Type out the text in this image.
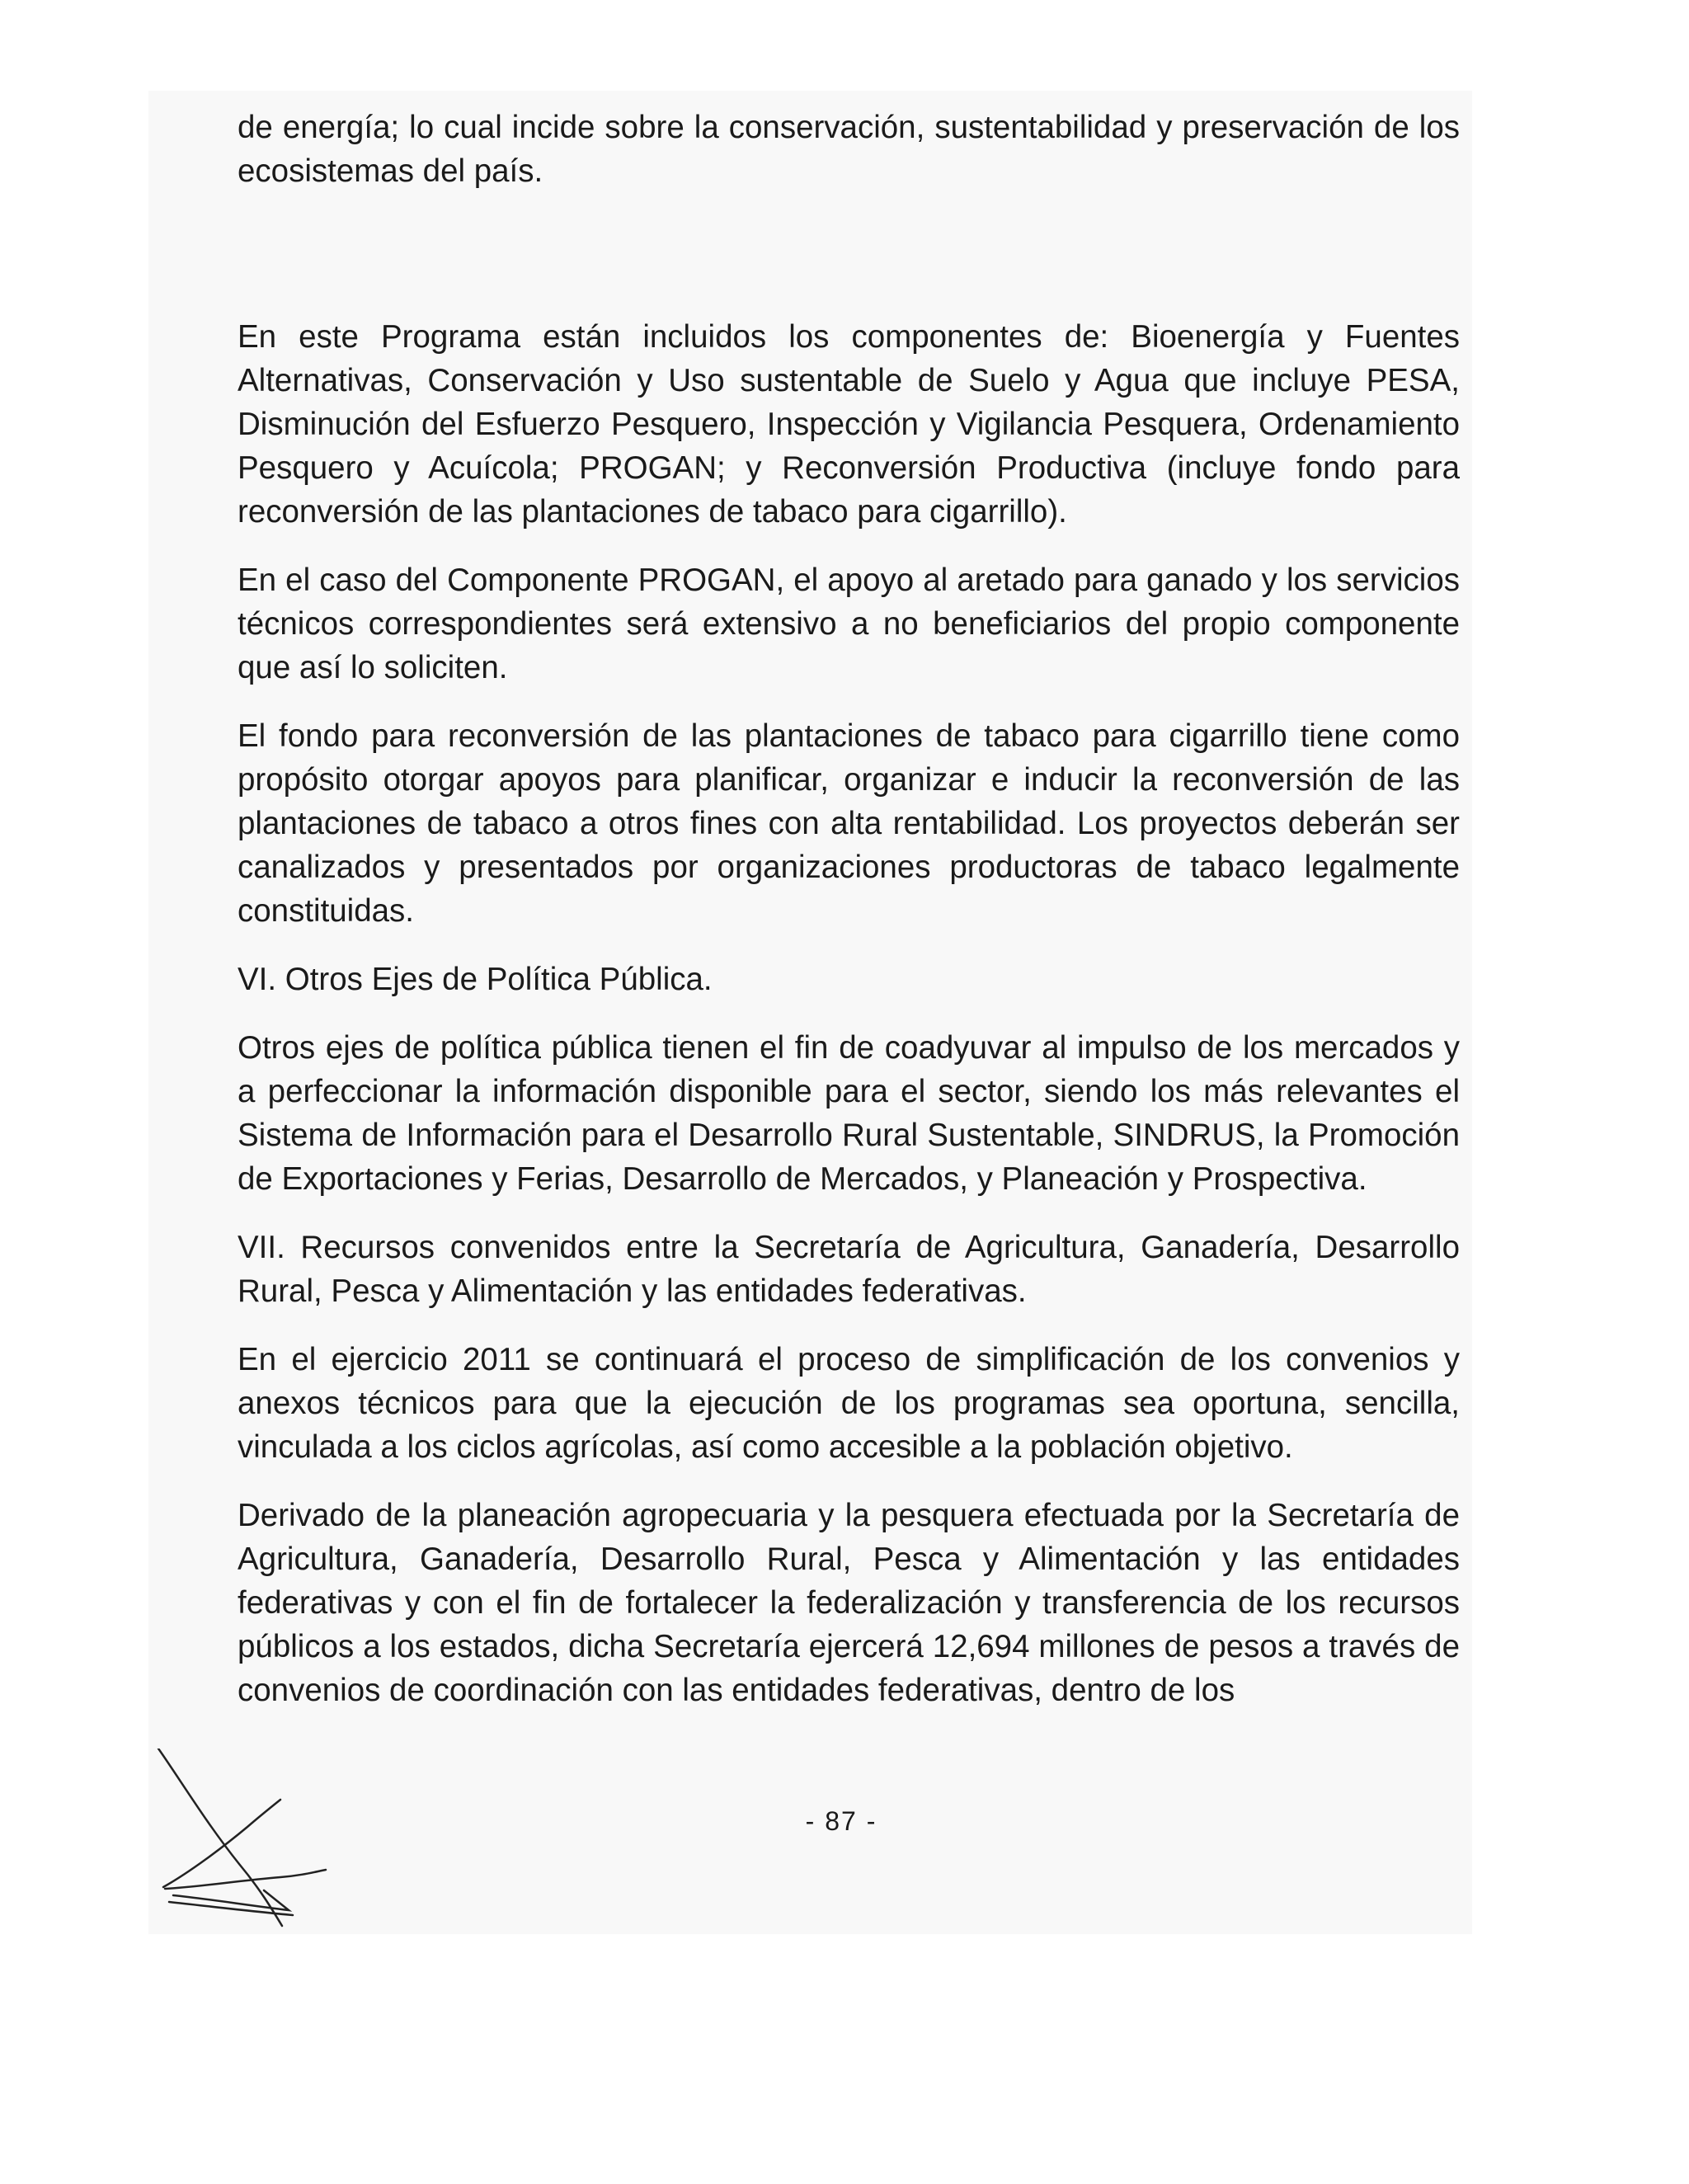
de energía; lo cual incide sobre la conservación, sustentabilidad y preservación de los ecosistemas del país.

En este Programa están incluidos los componentes de: Bioenergía y Fuentes Alternativas, Conservación y Uso sustentable de Suelo y Agua que incluye PESA, Disminución del Esfuerzo Pesquero, Inspección y Vigilancia Pesquera, Ordenamiento Pesquero y Acuícola; PROGAN; y Reconversión Productiva (incluye fondo para reconversión de las plantaciones de tabaco para cigarrillo).

En el caso del Componente PROGAN, el apoyo al aretado para ganado y los servicios técnicos correspondientes será extensivo a no beneficiarios del propio componente que así lo soliciten.

El fondo para reconversión de las plantaciones de tabaco para cigarrillo tiene como propósito otorgar apoyos para planificar, organizar e inducir la reconversión de las plantaciones de tabaco a otros fines con alta rentabilidad. Los proyectos deberán ser canalizados y presentados por organizaciones productoras de tabaco legalmente constituidas.

VI. Otros Ejes de Política Pública.

Otros ejes de política pública tienen el fin de coadyuvar al impulso de los mercados y a perfeccionar la información disponible para el sector, siendo los más relevantes el Sistema de Información para el Desarrollo Rural Sustentable, SINDRUS, la Promoción de Exportaciones y Ferias, Desarrollo de Mercados, y Planeación y Prospectiva.

VII. Recursos convenidos entre la Secretaría de Agricultura, Ganadería, Desarrollo Rural, Pesca y Alimentación y las entidades federativas.

En el ejercicio 2011 se continuará el proceso de simplificación de los convenios y anexos técnicos para que la ejecución de los programas sea oportuna, sencilla, vinculada a los ciclos agrícolas, así como accesible a la población objetivo.

Derivado de la planeación agropecuaria y la pesquera efectuada por la Secretaría de Agricultura, Ganadería, Desarrollo Rural, Pesca y Alimentación y las entidades federativas y con el fin de fortalecer la federalización y transferencia de los recursos públicos a los estados, dicha Secretaría ejercerá 12,694 millones de pesos a través de convenios de coordinación con las entidades federativas, dentro de los

- 87 -
